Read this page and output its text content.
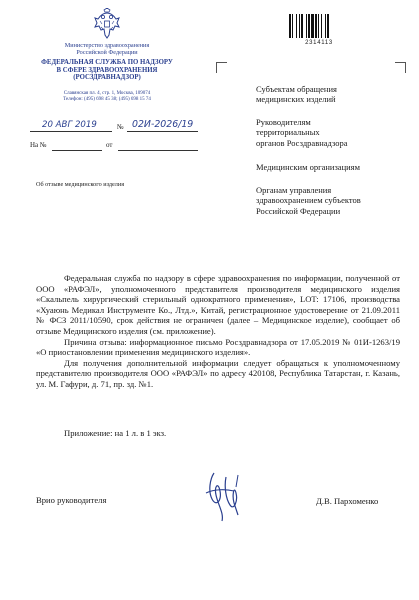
Министерство здравоохранения
Российской Федерации
ФЕДЕРАЛЬНАЯ СЛУЖБА ПО НАДЗОРУ
В СФЕРЕ ЗДРАВООХРАНЕНИЯ
(РОСЗДРАВНАДЗОР)
Славянская пл. 4, стр. 1, Москва, 109074
Телефон: (495) 698 45 38; (495) 698 15 74
20 АВГ 2019	№ 02И-2026/19
На №	от
Об отзыве медицинского изделия
2314113
Субъектам обращения
медицинских изделий
Руководителям
территориальных
органов Росздравнадзора
Медицинским организациям
Органам управления
здравоохранением субъектов
Российской Федерации

Федеральная служба по надзору в сфере здравоохранения по информации, полученной от ООО «РАФЭЛ», уполномоченного представителя производителя медицинского изделия «Скальпель хирургический стерильный однократного применения», LOT: 17106, производства «Хуаюнь Медикал Инструменте Ко., Лтд.», Китай, регистрационное удостоверение от 21.09.2011 № ФСЗ 2011/10590, срок действия не ограничен (далее – Медицинское изделие), сообщает об отзыве Медицинского изделия (см. приложение).

Причина отзыва: информационное письмо Росздравнадзора от 17.05.2019 № 01И-1263/19 «О приостановлении применения медицинского изделия».

Для получения дополнительной информации следует обращаться к уполномоченному представителю производителя ООО «РАФЭЛ» по адресу 420108, Республика Татарстан, г. Казань, ул. М. Гафури, д. 71, пр. зд. №1.

Приложение: на 1 л. в 1 экз.
Врио руководителя	Д.В. Пархоменко
